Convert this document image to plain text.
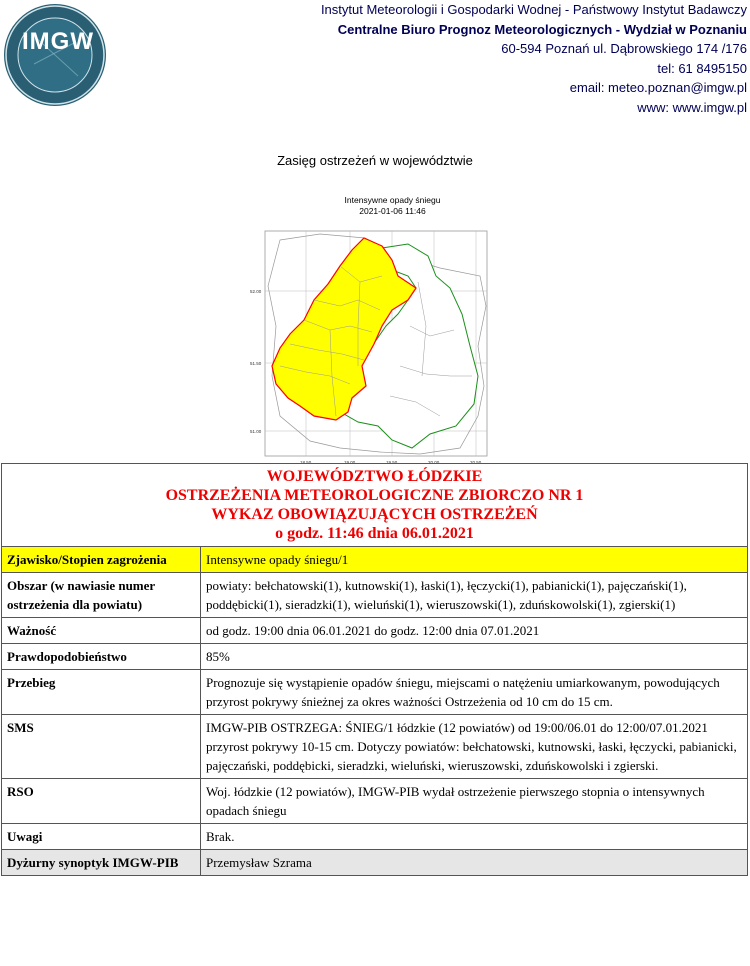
IMGW
Instytut Meteorologii i Gospodarki Wodnej - Państwowy Instytut Badawczy
Centralne Biuro Prognoz Meteorologicznych - Wydział w Poznaniu
60-594 Poznań ul. Dąbrowskiego 174 /176
tel: 61 8495150
email: meteo.poznan@imgw.pl
www: www.imgw.pl
Zasięg ostrzeżeń w województwie
Intensywne opady śniegu
2021-01-06 11:46
52.00
51.50
51.00
18.50	19.00	19.50	20.00	20.50
WOJEWÓDZTWO ŁÓDZKIE
OSTRZEŻENIA METEOROLOGICZNE ZBIORCZO NR 1
WYKAZ OBOWIĄZUJĄCYCH OSTRZEŻEŃ
o godz. 11:46 dnia 06.01.2021	

Zjawisko/Stopien zagrożenia	Intensywne opady śniegu/1
Obszar (w nawiasie numer ostrzeżenia dla powiatu)	powiaty: bełchatowski(1), kutnowski(1), łaski(1), łęczycki(1), pabianicki(1), pajęczański(1), poddębicki(1), sieradzki(1), wieluński(1), wieruszowski(1), zduńskowolski(1), zgierski(1)
Ważność	od godz. 19:00 dnia 06.01.2021 do godz. 12:00 dnia 07.01.2021
Prawdopodobieństwo	85%
Przebieg	Prognozuje się wystąpienie opadów śniegu, miejscami o natężeniu umiarkowanym, powodujących przyrost pokrywy śnieżnej za okres ważności Ostrzeżenia od 10 cm do 15 cm.
SMS	IMGW-PIB OSTRZEGA: ŚNIEG/1 łódzkie (12 powiatów) od 19:00/06.01 do 12:00/07.01.2021 przyrost pokrywy 10-15 cm. Dotyczy powiatów: bełchatowski, kutnowski, łaski, łęczycki, pabianicki, pajęczański, poddębicki, sieradzki, wieluński, wieruszowski, zduńskowolski i zgierski.
RSO	Woj. łódzkie (12 powiatów), IMGW-PIB wydał ostrzeżenie pierwszego stopnia o intensywnych opadach śniegu
Uwagi	Brak.
Dyżurny synoptyk IMGW-PIB	Przemysław Szrama
